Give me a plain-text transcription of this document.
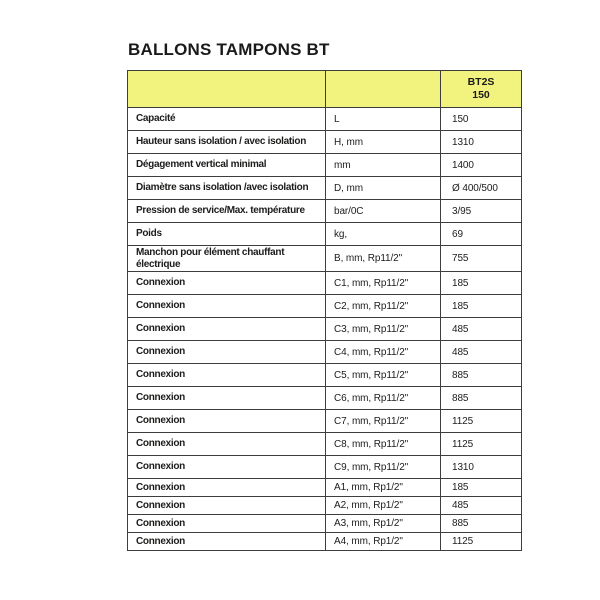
BALLONS TAMPONS BT

		BT2S
150

Capacité	L	150
Hauteur sans isolation / avec isolation	H, mm	1310
Dégagement vertical minimal	mm	1400
Diamètre sans isolation /avec isolation	D, mm	Ø 400/500
Pression de service/Max. température	bar/0C	3/95
Poids	kg,	69
Manchon pour élément chauffant électrique	B, mm, Rp11/2"	755
Connexion	C1, mm, Rp11/2"	185
Connexion	C2, mm, Rp11/2"	185
Connexion	C3, mm, Rp11/2"	485
Connexion	C4, mm, Rp11/2"	485
Connexion	C5, mm, Rp11/2"	885
Connexion	C6, mm, Rp11/2"	885
Connexion	C7, mm, Rp11/2"	1125
Connexion	C8, mm, Rp11/2"	1125
Connexion	C9, mm, Rp11/2"	1310
Connexion	A1, mm, Rp1/2"	185
Connexion	A2, mm, Rp1/2"	485
Connexion	A3, mm, Rp1/2"	885
Connexion	A4, mm, Rp1/2"	1125
